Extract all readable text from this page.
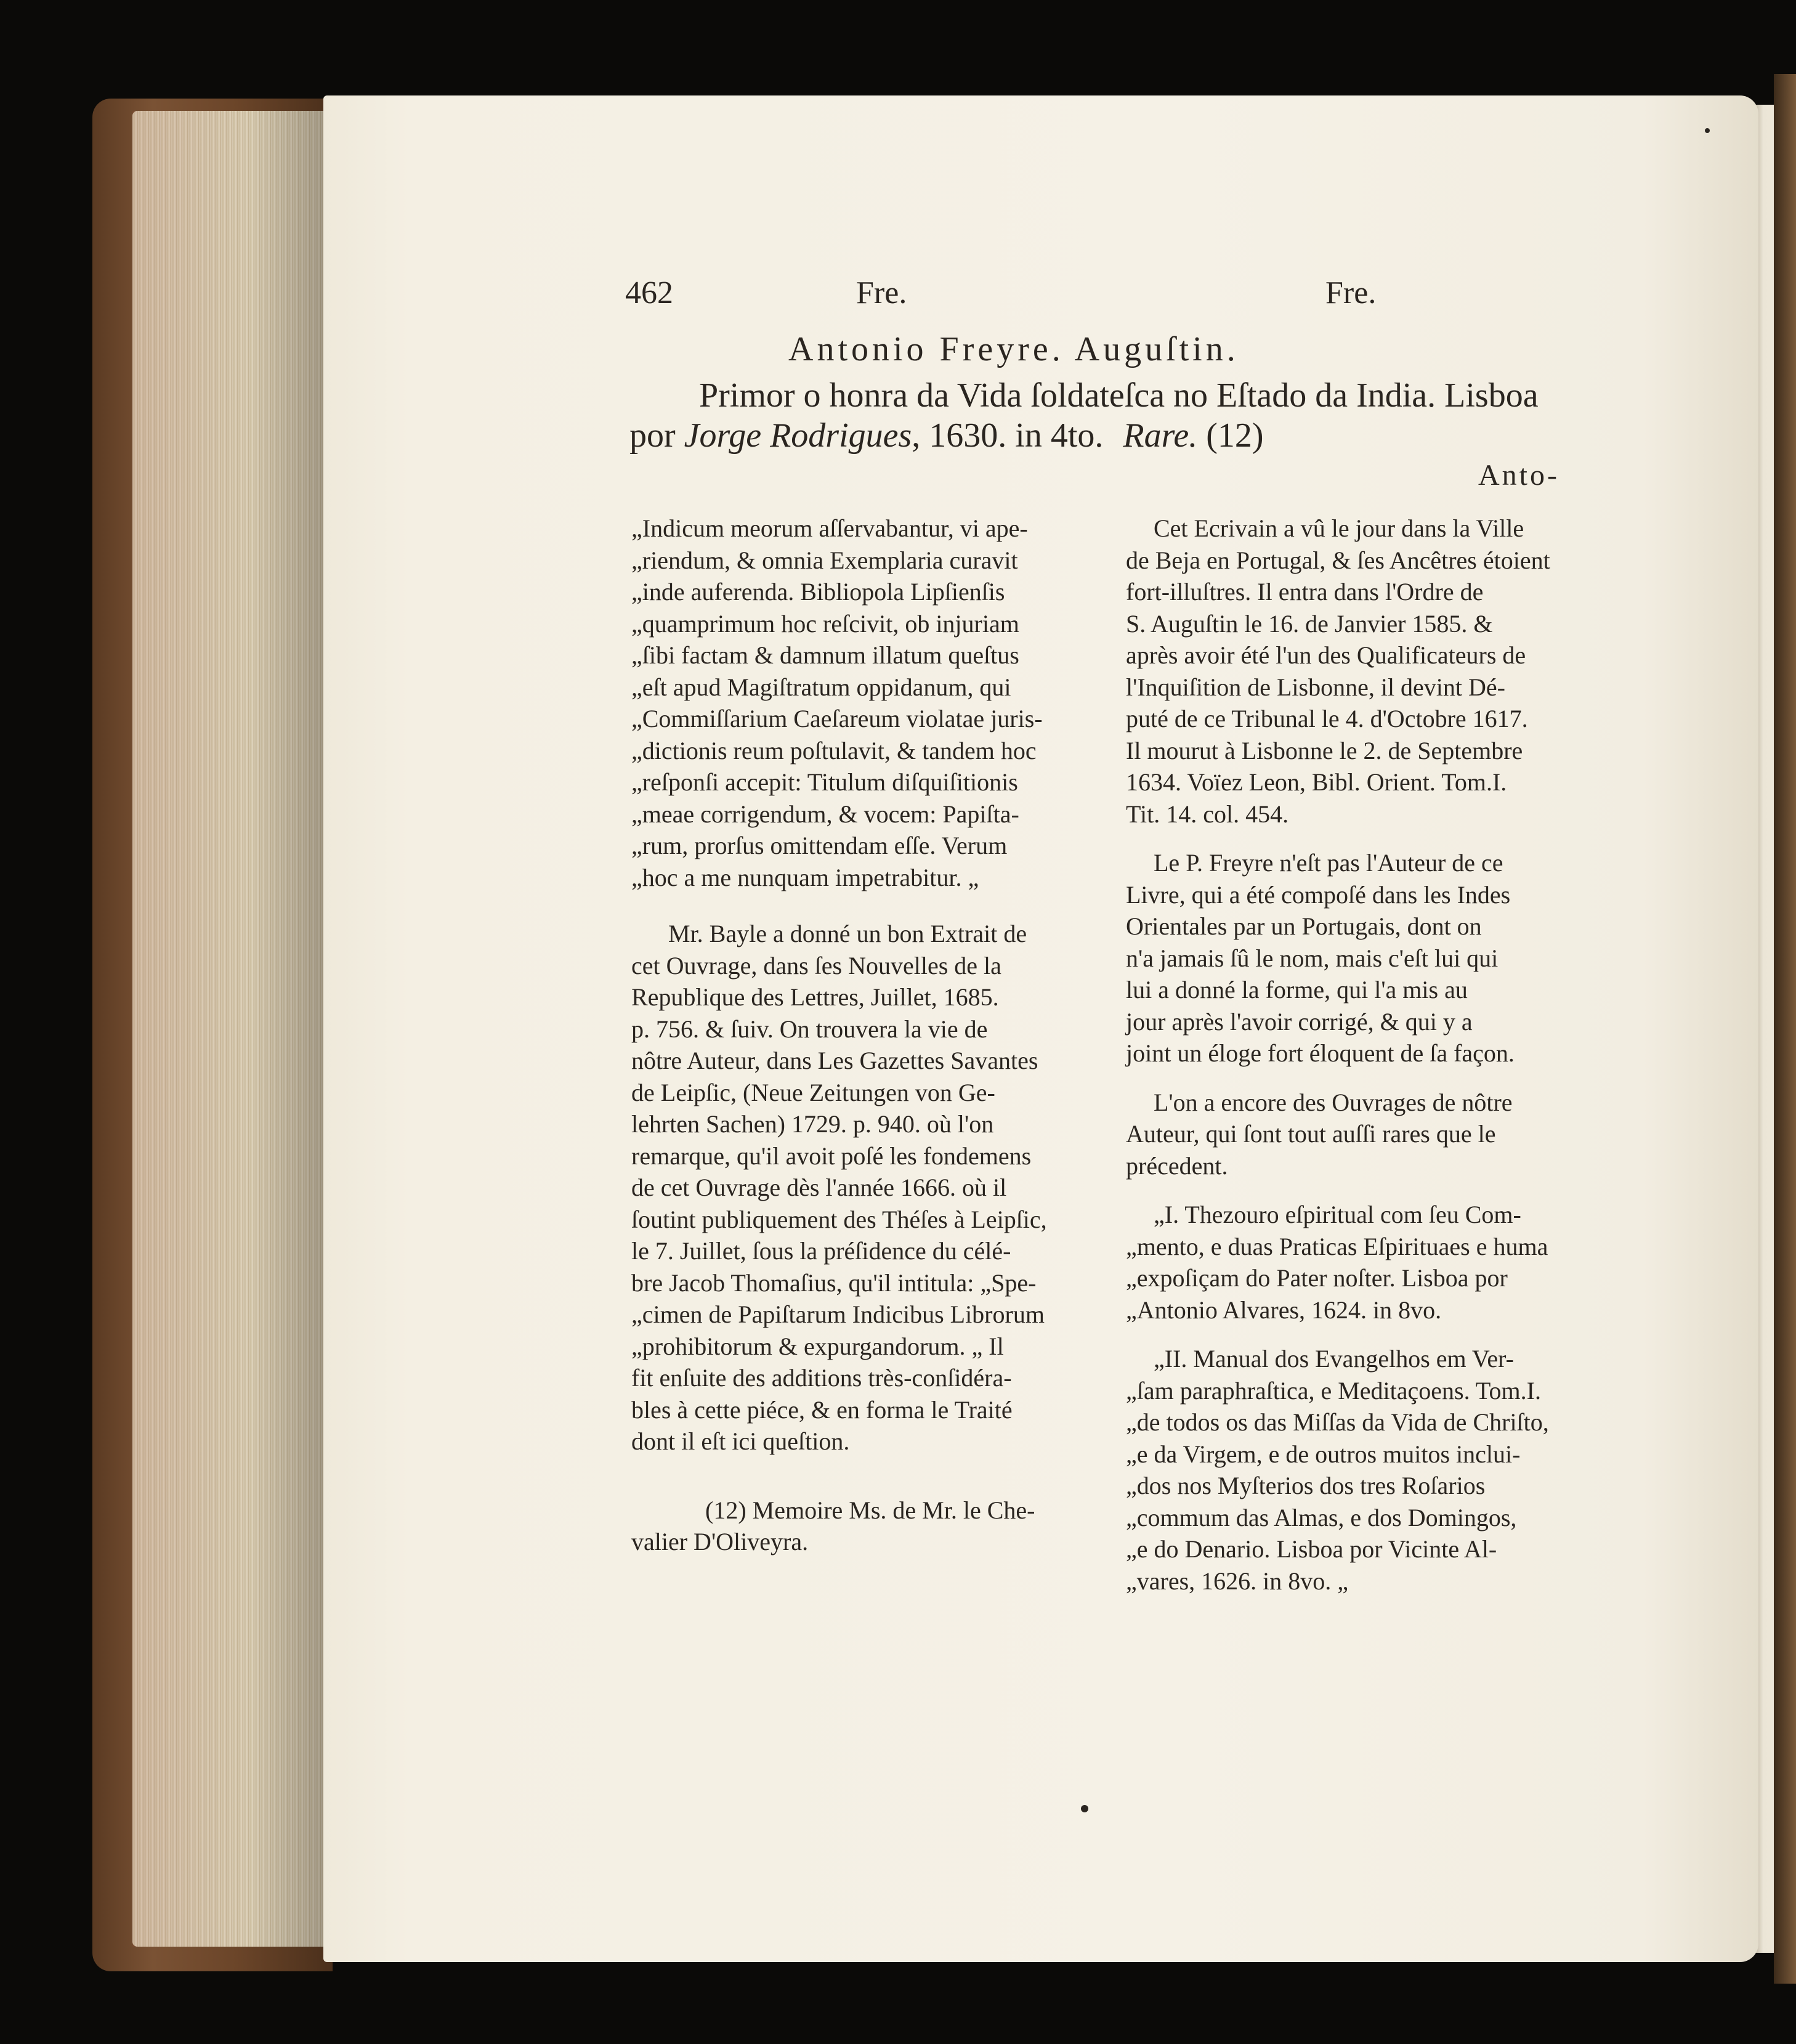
462	Fre.	Fre.
Antonio Freyre. Auguſtin.
Primor o honra da Vida ſoldateſca no Eſtado da India. Lisboa
por Jorge Rodrigues, 1630. in 4to. Rare. (12)
Anto-
„Indicum meorum aſſervabantur, vi ape-
„riendum, & omnia Exemplaria curavit
„inde auferenda. Bibliopola Lipſienſis
„quamprimum hoc reſcivit, ob injuriam
„ſibi factam & damnum illatum queſtus
„eſt apud Magiſtratum oppidanum, qui
„Commiſſarium Caeſareum violatae juris-
„dictionis reum poſtulavit, & tandem hoc
„reſponſi accepit: Titulum diſquiſitionis
„meae corrigendum, & vocem: Papiſta-
„rum, prorſus omittendam eſſe. Verum
„hoc a me nunquam impetrabitur. „
Mr. Bayle a donné un bon Extrait de
cet Ouvrage, dans ſes Nouvelles de la
Republique des Lettres, Juillet, 1685.
p. 756. & ſuiv. On trouvera la vie de
nôtre Auteur, dans Les Gazettes Savantes
de Leipſic, (Neue Zeitungen von Ge-
lehrten Sachen) 1729. p. 940. où l'on
remarque, qu'il avoit poſé les fondemens
de cet Ouvrage dès l'année 1666. où il
ſoutint publiquement des Théſes à Leipſic,
le 7. Juillet, ſous la préſidence du célé-
bre Jacob Thomaſius, qu'il intitula: „Spe-
„cimen de Papiſtarum Indicibus Librorum
„prohibitorum & expurgandorum. „ Il
fit enſuite des additions très-conſidéra-
bles à cette piéce, & en forma le Traité
dont il eſt ici queſtion.
(12) Memoire Ms. de Mr. le Che-
valier D'Oliveyra.
Cet Ecrivain a vû le jour dans la Ville
de Beja en Portugal, & ſes Ancêtres étoient
fort-illuſtres. Il entra dans l'Ordre de
S. Auguſtin le 16. de Janvier 1585. &
après avoir été l'un des Qualificateurs de
l'Inquiſition de Lisbonne, il devint Dé-
puté de ce Tribunal le 4. d'Octobre 1617.
Il mourut à Lisbonne le 2. de Septembre
1634. Voïez Leon, Bibl. Orient. Tom.I.
Tit. 14. col. 454.
Le P. Freyre n'eſt pas l'Auteur de ce
Livre, qui a été compoſé dans les Indes
Orientales par un Portugais, dont on
n'a jamais ſû le nom, mais c'eſt lui qui
lui a donné la forme, qui l'a mis au
jour après l'avoir corrigé, & qui y a
joint un éloge fort éloquent de ſa façon.
L'on a encore des Ouvrages de nôtre
Auteur, qui ſont tout auſſi rares que le
précedent.
„I. Thezouro eſpiritual com ſeu Com-
„mento, e duas Praticas Eſpirituaes e huma
„expoſiçam do Pater noſter. Lisboa por
„Antonio Alvares, 1624. in 8vo.
„II. Manual dos Evangelhos em Ver-
„ſam paraphraſtica, e Meditaçoens. Tom.I.
„de todos os das Miſſas da Vida de Chriſto,
„e da Virgem, e de outros muitos inclui-
„dos nos Myſterios dos tres Roſarios
„commum das Almas, e dos Domingos,
„e do Denario. Lisboa por Vicinte Al-
„vares, 1626. in 8vo. „
